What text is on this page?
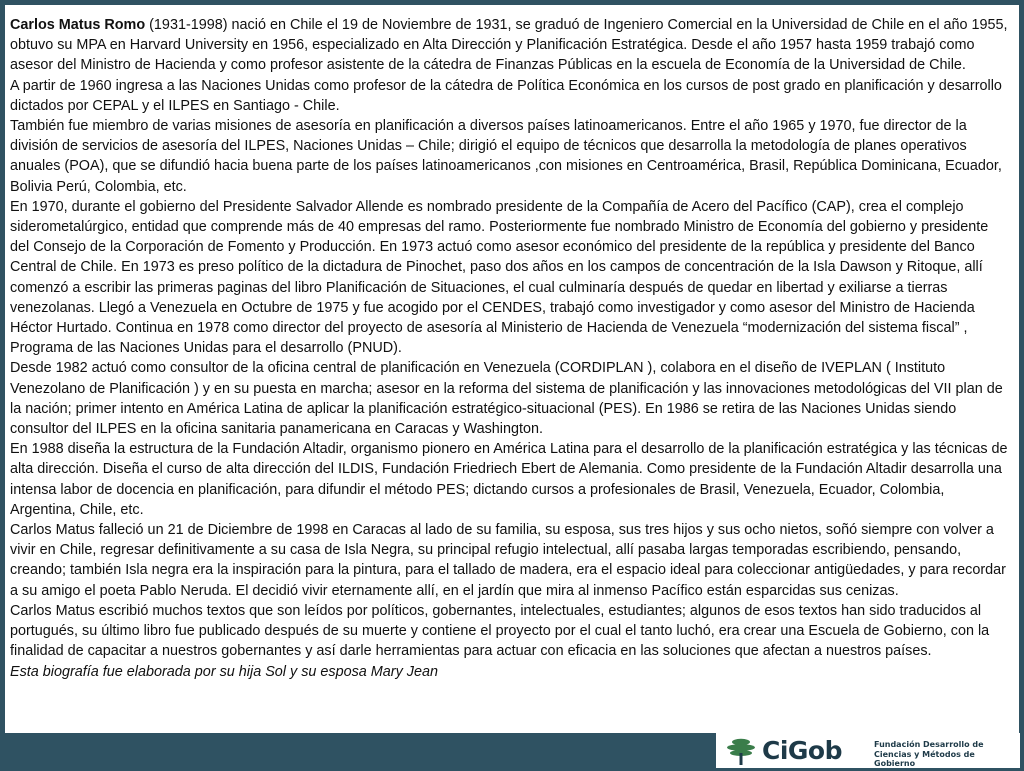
Carlos Matus Romo (1931-1998) nació en Chile el 19 de Noviembre de 1931, se graduó de Ingeniero Comercial en la Universidad de Chile en el año 1955, obtuvo su MPA en Harvard University en 1956, especializado en Alta Dirección y Planificación Estratégica. Desde el año 1957 hasta 1959 trabajó como asesor del Ministro de Hacienda y como profesor asistente de la cátedra de Finanzas Públicas en la escuela de Economía de la Universidad de Chile.

A partir de 1960 ingresa a las Naciones Unidas como profesor de la cátedra de Política Económica en los cursos de post grado en planificación y desarrollo dictados por CEPAL y el ILPES en Santiago - Chile.

También fue miembro de varias misiones de asesoría en planificación a diversos países latinoamericanos. Entre el año 1965 y 1970, fue director de la división de servicios de asesoría del ILPES, Naciones Unidas – Chile; dirigió el equipo de técnicos que desarrolla la metodología de planes operativos anuales (POA), que se difundió hacia buena parte de los países latinoamericanos ,con misiones en Centroamérica, Brasil, República Dominicana, Ecuador, Bolivia Perú, Colombia, etc.

En 1970, durante el gobierno del Presidente Salvador Allende es nombrado presidente de la Compañía de Acero del Pacífico (CAP), crea el complejo siderometalúrgico, entidad que comprende más de 40 empresas del ramo. Posteriormente fue nombrado Ministro de Economía del gobierno y presidente del Consejo de la Corporación de Fomento y Producción. En 1973 actuó como asesor económico del presidente de la república y presidente del Banco Central de Chile. En 1973 es preso político de la dictadura de Pinochet, paso dos años en los campos de concentración de la Isla Dawson y Ritoque, allí comenzó a escribir las primeras paginas del libro Planificación de Situaciones, el cual culminaría después de quedar en libertad y exiliarse a tierras venezolanas. Llegó a Venezuela en Octubre de 1975 y fue acogido por el CENDES, trabajó como investigador y como asesor del Ministro de Hacienda Héctor Hurtado. Continua en 1978 como director del proyecto de asesoría al Ministerio de Hacienda de Venezuela “modernización del sistema fiscal” , Programa de las Naciones Unidas para el desarrollo (PNUD).

Desde 1982 actuó como consultor de la oficina central de planificación en Venezuela (CORDIPLAN ), colabora en el diseño de IVEPLAN ( Instituto Venezolano de Planificación ) y en su puesta en marcha; asesor en la reforma del sistema de planificación y las innovaciones metodológicas del VII plan de la nación; primer intento en América Latina de aplicar la planificación estratégico-situacional (PES). En 1986 se retira de las Naciones Unidas siendo consultor del ILPES en la oficina sanitaria panamericana en Caracas y Washington.

En 1988 diseña la estructura de la Fundación Altadir, organismo pionero en América Latina para el desarrollo de la planificación estratégica y las técnicas de alta dirección. Diseña el curso de alta dirección del ILDIS, Fundación Friedriech Ebert de Alemania. Como presidente de la Fundación Altadir desarrolla una intensa labor de docencia en planificación, para difundir el método PES; dictando cursos a profesionales de Brasil, Venezuela, Ecuador, Colombia, Argentina, Chile, etc.

Carlos Matus falleció un 21 de Diciembre de 1998 en Caracas al lado de su familia, su esposa, sus tres hijos y sus ocho nietos, soñó siempre con volver a vivir en Chile, regresar definitivamente a su casa de Isla Negra, su principal refugio intelectual, allí pasaba largas temporadas escribiendo, pensando, creando; también Isla negra era la inspiración para la pintura, para el tallado de madera, era el espacio ideal para coleccionar antigüedades, y para recordar a su amigo el poeta Pablo Neruda. El decidió vivir eternamente allí, en el jardín que mira al inmenso Pacífico están esparcidas sus cenizas.

Carlos Matus escribió muchos textos que son leídos por políticos, gobernantes, intelectuales, estudiantes; algunos de esos textos han sido traducidos al portugués, su último libro fue publicado después de su muerte y contiene el proyecto por el cual el tanto luchó, era crear una Escuela de Gobierno, con la finalidad de capacitar a nuestros gobernantes y así darle herramientas para actuar con eficacia en las soluciones que afectan a nuestros países.

Esta biografía fue elaborada por su hija Sol y su esposa Mary Jean

CiGob	Fundación Desarrollo de
Ciencias y Métodos de Gobierno
